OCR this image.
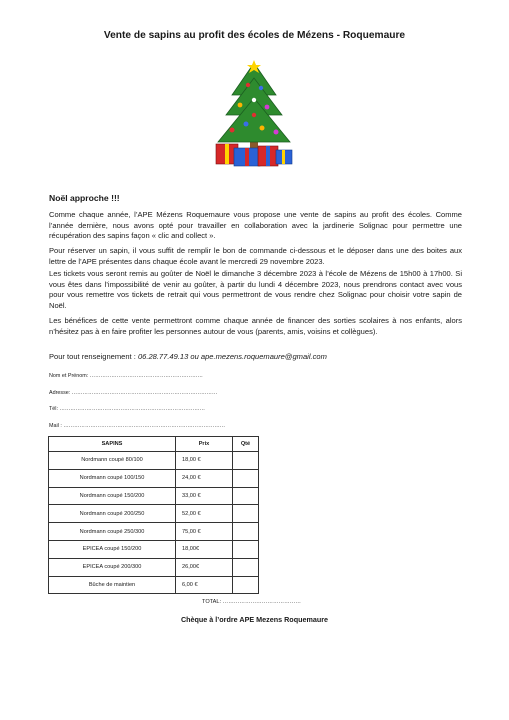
Vente de sapins au profit des écoles de Mézens - Roquemaure
Noël approche !!!

Comme chaque année, l’APE Mézens Roquemaure vous propose une vente de sapins au profit des écoles. Comme l’année dernière, nous avons opté pour travailler en collaboration avec la jardinerie Solignac pour permettre une récupération des sapins façon « clic and collect ».

Pour réserver un sapin, il vous suffit de remplir le bon de commande ci-dessous et le déposer dans une des boites aux lettre de l’APE présentes dans chaque école avant le mercredi 29 novembre 2023.

Les tickets vous seront remis au goûter de Noël le dimanche 3 décembre 2023 à l’école de Mézens de 15h00 à 17h00. Si vous êtes dans l’impossibilité de venir au goûter, à partir du lundi 4 décembre 2023, nous prendrons contact avec vous pour vous remettre vos tickets de retrait qui vous permettront de vous rendre chez Solignac pour choisir votre sapin de Noël.

Les bénéfices de cette vente permettront comme chaque année de financer des sorties scolaires à nos enfants, alors n’hésitez pas à en faire profiter les personnes autour de vous (parents, amis, voisins et collègues).

Pour tout renseignement : 06.28.77.49.13 ou ape.mezens.roquemaure@gmail.com

Nom et Prénom: ………………………………………………………
Adresse: ………………………………………………………………………
Tél: ………………………………………………………………………
Mail : ………………………………………………………………………………
SAPINS	Prix	Qté
Nordmann coupé 80/100	18,00 €	
Nordmann coupé 100/150	24,00 €	
Nordmann coupé 150/200	33,00 €	
Nordmann coupé 200/250	52,00 €	
Nordmann coupé 250/300	75,00 €	
EPICEA coupé 150/200	18,00€	
EPICEA coupé 200/300	26,00€	
Bûche de maintien	6,00 €	
TOTAL: ……………………………………
Chèque à l’ordre APE Mezens Roquemaure
